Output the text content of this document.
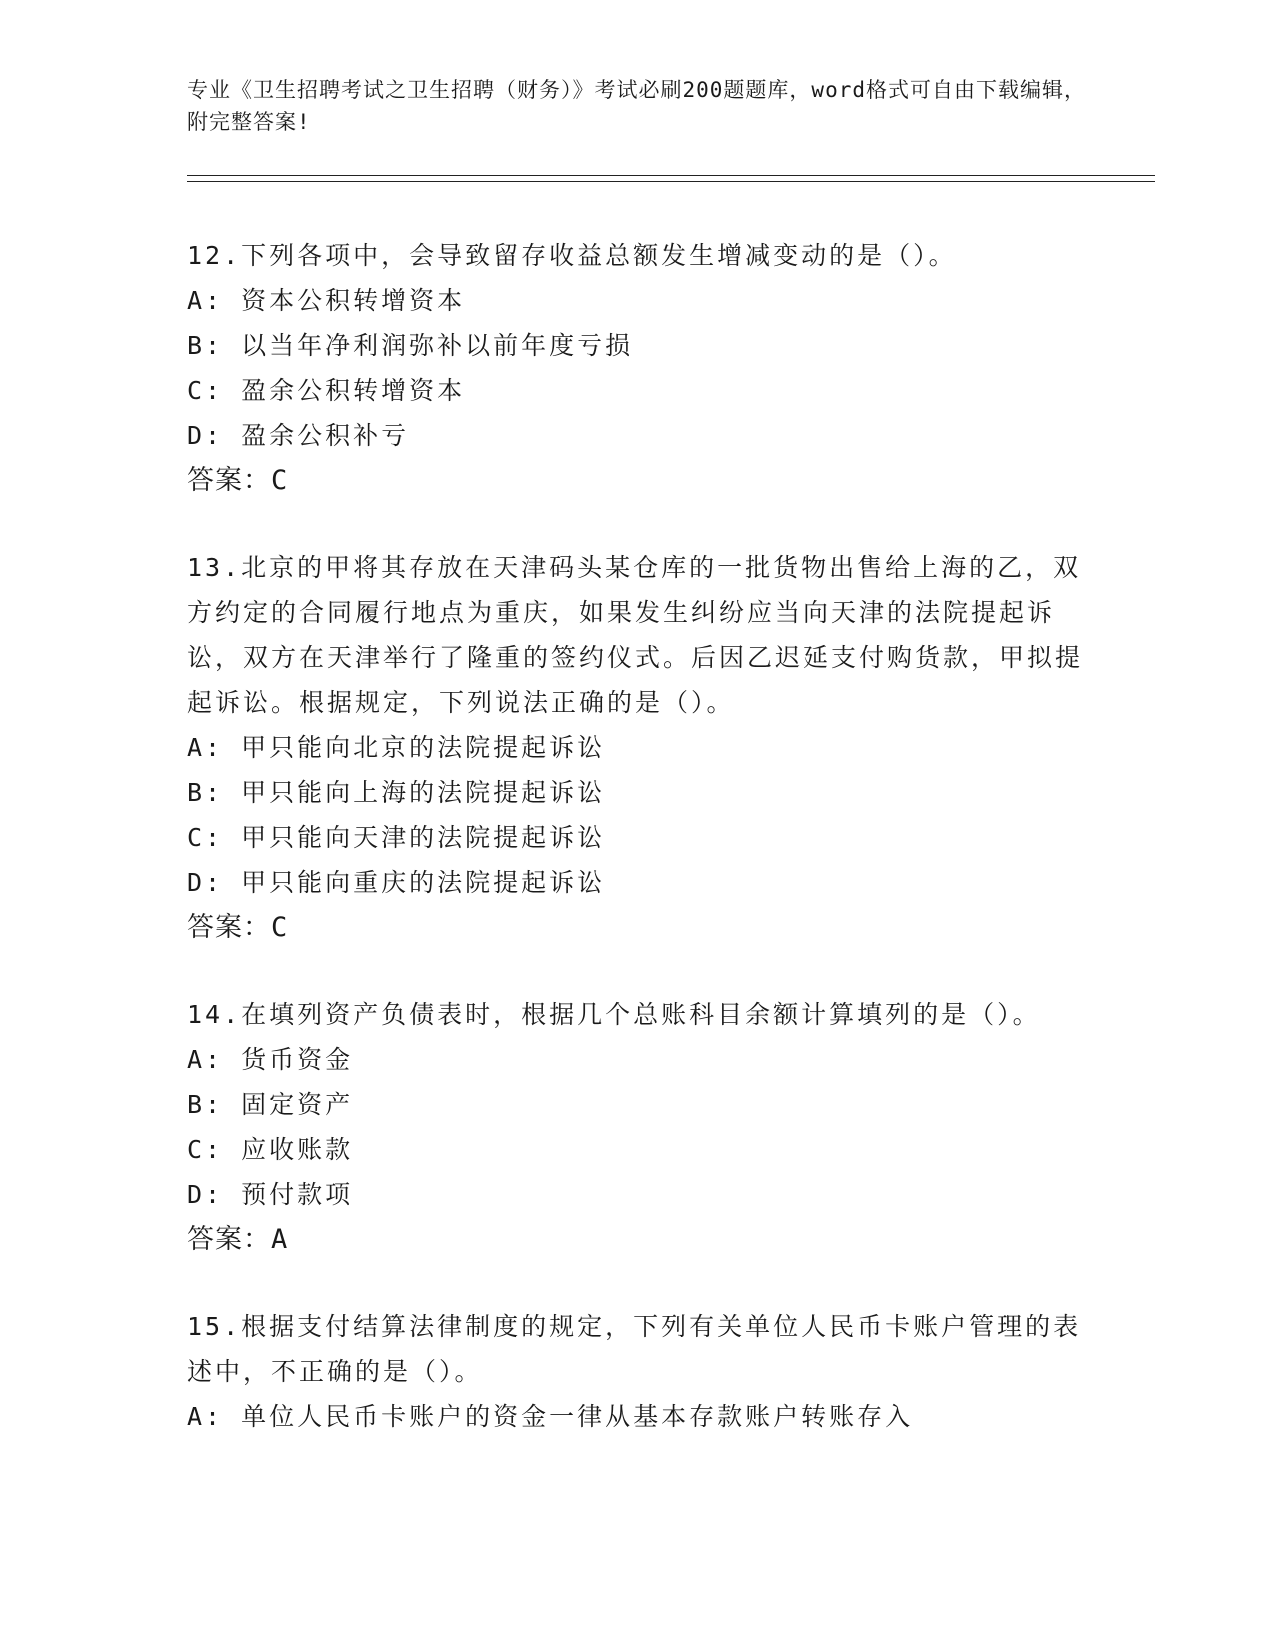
专业《卫生招聘考试之卫生招聘（财务）》考试必刷200题题库，word格式可自由下载编辑，附完整答案!

12.下列各项中，会导致留存收益总额发生增减变动的是（）。

A: 资本公积转增资本

B: 以当年净利润弥补以前年度亏损

C: 盈余公积转增资本

D: 盈余公积补亏

答案：C

13.北京的甲将其存放在天津码头某仓库的一批货物出售给上海的乙，双方约定的合同履行地点为重庆，如果发生纠纷应当向天津的法院提起诉讼，双方在天津举行了隆重的签约仪式。后因乙迟延支付购货款，甲拟提起诉讼。根据规定，下列说法正确的是（）。

A: 甲只能向北京的法院提起诉讼

B: 甲只能向上海的法院提起诉讼

C: 甲只能向天津的法院提起诉讼

D: 甲只能向重庆的法院提起诉讼

答案：C

14.在填列资产负债表时，根据几个总账科目余额计算填列的是（）。

A: 货币资金

B: 固定资产

C: 应收账款

D: 预付款项

答案：A

15.根据支付结算法律制度的规定，下列有关单位人民币卡账户管理的表述中，不正确的是（）。

A: 单位人民币卡账户的资金一律从基本存款账户转账存入
